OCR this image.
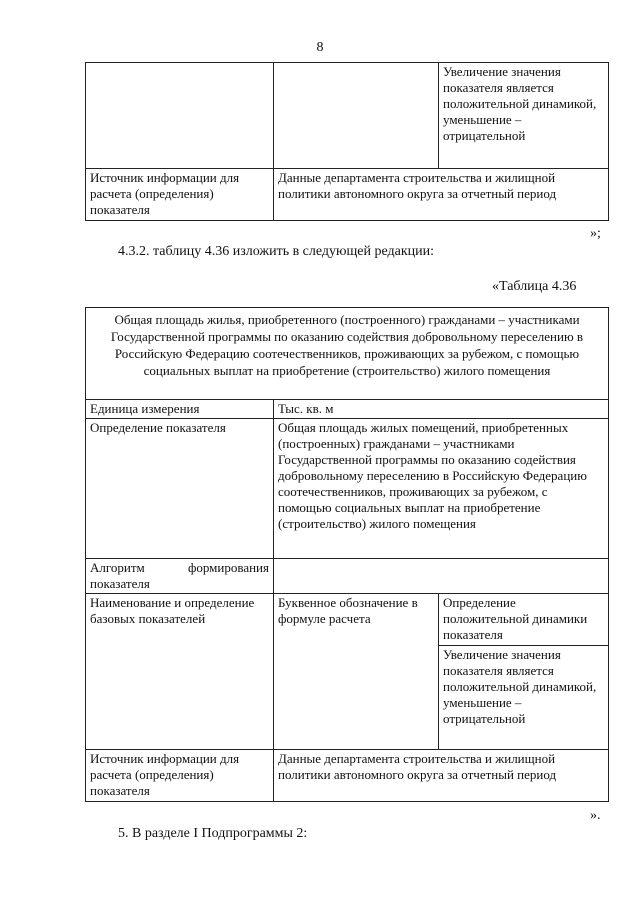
8
		Увеличение значения показателя является положительной динамикой, уменьшение – отрицательной
Источник информации для расчета (определения) показателя	Данные департамента строительства и жилищной политики автономного округа за отчетный период	
»;
4.3.2. таблицу 4.36 изложить в следующей редакции:
«Таблица 4.36
Общая площадь жилья, приобретенного (построенного) гражданами – участниками Государственной программы по оказанию содействия добровольному переселению в Российскую Федерацию соотечественников, проживающих за рубежом, с помощью социальных выплат на приобретение (строительство) жилого помещения		
Единица измерения	Тыс. кв. м	
Определение показателя	Общая площадь жилых помещений, приобретенных (построенных) гражданами – участниками Государственной программы по оказанию содействия добровольному переселению в Российскую Федерацию соотечественников, проживающих за рубежом, с помощью социальных выплат на приобретение (строительство) жилого помещения	
Алгоритм формирования показателя		
Наименование и определение базовых показателей	Буквенное обозначение в формуле расчета	Определение положительной динамики показателя
		Увеличение значения показателя является положительной динамикой, уменьшение – отрицательной
Источник информации для расчета (определения) показателя	Данные департамента строительства и жилищной политики автономного округа за отчетный период	
».
5. В разделе I Подпрограммы 2:
